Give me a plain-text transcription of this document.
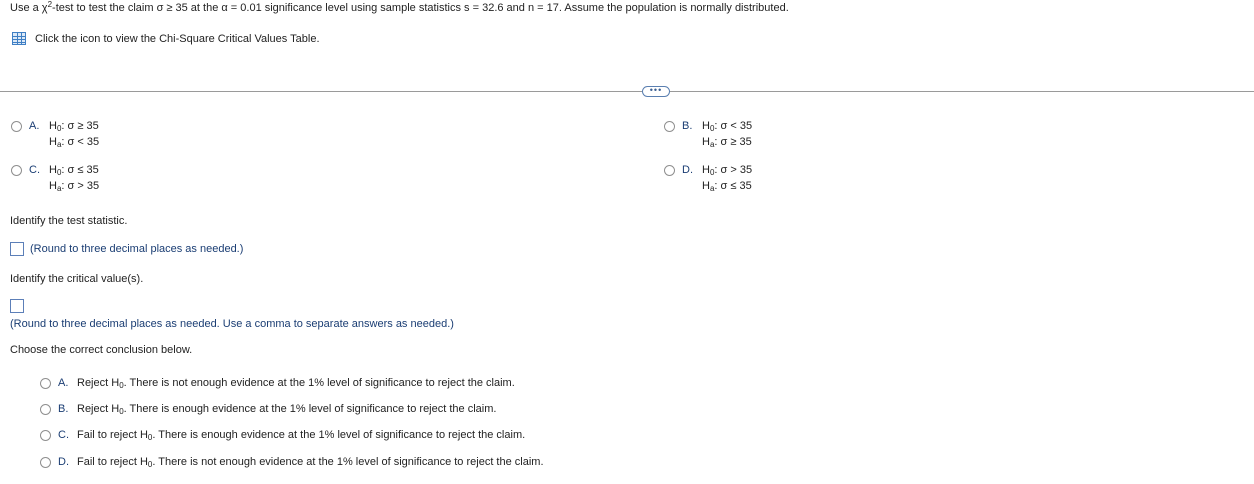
Use a $\chi^2$-test to test the claim σ ≥ 35 at the α = 0.01 significance level using sample statistics s = 32.6 and n = 17. Assume the population is normally distributed.
Click the icon to view the Chi-Square Critical Values Table.
•••
A. $H_0$: σ ≥ 35
$H_a$: σ < 35
B. $H_0$: σ < 35
$H_a$: σ ≥ 35
C. $H_0$: σ ≤ 35
$H_a$: σ > 35
D. $H_0$: σ > 35
$H_a$: σ ≤ 35
Identify the test statistic.
(Round to three decimal places as needed.)
Identify the critical value(s).
(Round to three decimal places as needed. Use a comma to separate answers as needed.)
Choose the correct conclusion below.
A. Reject $H_0$. There is not enough evidence at the 1% level of significance to reject the claim.
B. Reject $H_0$. There is enough evidence at the 1% level of significance to reject the claim.
C. Fail to reject $H_0$. There is enough evidence at the 1% level of significance to reject the claim.
D. Fail to reject $H_0$. There is not enough evidence at the 1% level of significance to reject the claim.
